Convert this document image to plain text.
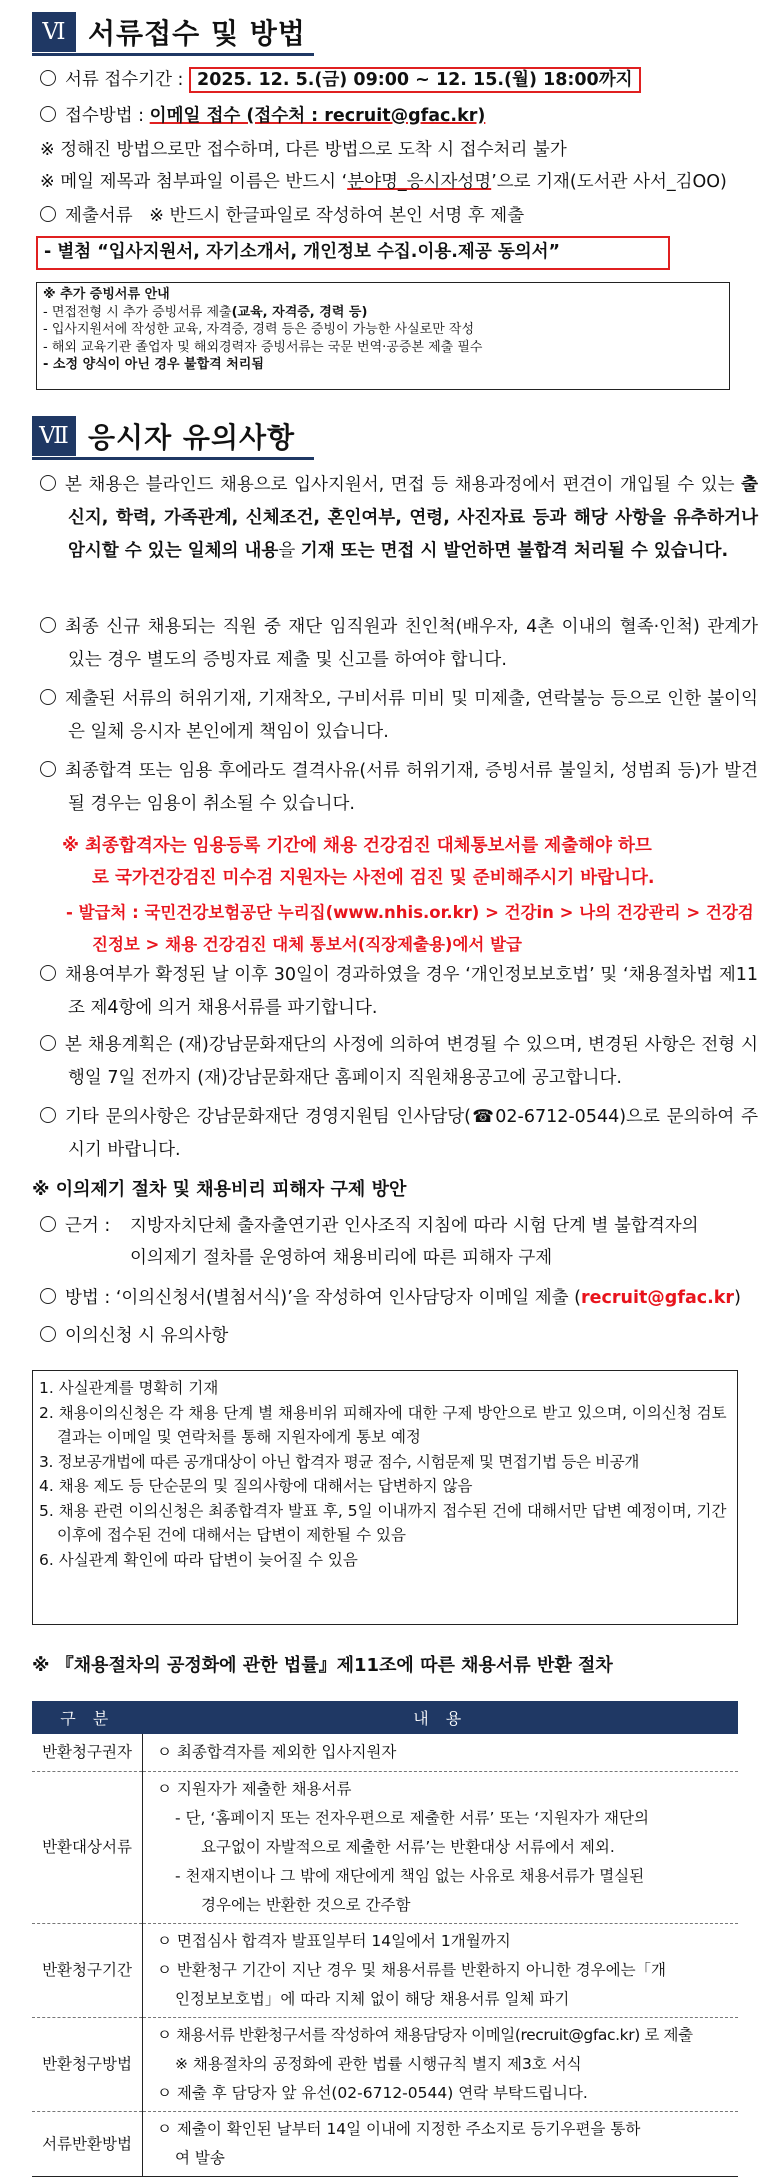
Ⅵ 서류접수 및 방법
서류 접수기간 : 2025. 12. 5.(금) 09:00 ~ 12. 15.(월) 18:00까지
접수방법 : 이메일 접수 (접수처 : recruit@gfac.kr)
※ 정해진 방법으로만 접수하며, 다른 방법으로 도착 시 접수처리 불가
※ 메일 제목과 첨부파일 이름은 반드시 ‘분야명_응시자성명’으로 기재(도서관 사서_김OO)
제출서류   ※ 반드시 한글파일로 작성하여 본인 서명 후 제출
- 별첨 “입사지원서, 자기소개서, 개인정보 수집.이용.제공 동의서”
※ 추가 증빙서류 안내
- 면접전형 시 추가 증빙서류 제출(교육, 자격증, 경력 등)
- 입사지원서에 작성한 교육, 자격증, 경력 등은 증빙이 가능한 사실로만 작성
- 해외 교육기관 졸업자 및 해외경력자 증빙서류는 국문 번역·공증본 제출 필수
- 소정 양식이 아닌 경우 불합격 처리됨
Ⅶ 응시자 유의사항
본 채용은 블라인드 채용으로 입사지원서, 면접 등 채용과정에서 편견이 개입될 수 있는 출신지, 학력, 가족관계, 신체조건, 혼인여부, 연령, 사진자료 등과 해당 사항을 유추하거나 암시할 수 있는 일체의 내용을 기재 또는 면접 시 발언하면 불합격 처리될 수 있습니다.
최종 신규 채용되는 직원 중 재단 임직원과 친인척(배우자, 4촌 이내의 혈족·인척) 관계가 있는 경우 별도의 증빙자료 제출 및 신고를 하여야 합니다.
제출된 서류의 허위기재, 기재착오, 구비서류 미비 및 미제출, 연락불능 등으로 인한 불이익은 일체 응시자 본인에게 책임이 있습니다.
최종합격 또는 임용 후에라도 결격사유(서류 허위기재, 증빙서류 불일치, 성범죄 등)가 발견될 경우는 임용이 취소될 수 있습니다.
※ 최종합격자는 임용등록 기간에 채용 건강검진 대체통보서를 제출해야 하므
로 국가건강검진 미수검 지원자는 사전에 검진 및 준비해주시기 바랍니다.
- 발급처 : 국민건강보험공단 누리집(www.nhis.or.kr) > 건강in > 나의 건강관리 > 건강검
진정보 > 채용 건강검진 대체 통보서(직장제출용)에서 발급
채용여부가 확정된 날 이후 30일이 경과하였을 경우 ‘개인정보보호법’ 및 ‘채용절차법 제11조 제4항에 의거 채용서류를 파기합니다.
본 채용계획은 (재)강남문화재단의 사정에 의하여 변경될 수 있으며, 변경된 사항은 전형 시행일 7일 전까지 (재)강남문화재단 홈페이지 직원채용공고에 공고합니다.
기타 문의사항은 강남문화재단 경영지원팀 인사담당(☎02-6712-0544)으로 문의하여 주시기 바랍니다.
※ 이의제기 절차 및 채용비리 피해자 구제 방안
근거 : 지방자치단체 출자출연기관 인사조직 지침에 따라 시험 단계 별 불합격자의
이의제기 절차를 운영하여 채용비리에 따른 피해자 구제
방법 : ‘이의신청서(별첨서식)’을 작성하여 인사담당자 이메일 제출 (recruit@gfac.kr)
이의신청 시 유의사항
1. 사실관계를 명확히 기재
2. 채용이의신청은 각 채용 단계 별 채용비위 피해자에 대한 구제 방안으로 받고 있으며, 이의신청 검토결과는 이메일 및 연락처를 통해 지원자에게 통보 예정
3. 정보공개법에 따른 공개대상이 아닌 합격자 평균 점수, 시험문제 및 면접기법 등은 비공개
4. 채용 제도 등 단순문의 및 질의사항에 대해서는 답변하지 않음
5. 채용 관련 이의신청은 최종합격자 발표 후, 5일 이내까지 접수된 건에 대해서만 답변 예정이며, 기간 이후에 접수된 건에 대해서는 답변이 제한될 수 있음
6. 사실관계 확인에 따라 답변이 늦어질 수 있음
※ 『채용절차의 공정화에 관한 법률』제11조에 따른 채용서류 반환 절차
구 분	내 용
반환청구권자	ㅇ 최종합격자를 제외한 입사지원자

반환대상서류	ㅇ 지원자가 제출한 채용서류
- 단, ‘홈페이지 또는 전자우편으로 제출한 서류’ 또는 ‘지원자가 재단의
요구없이 자발적으로 제출한 서류’는 반환대상 서류에서 제외.
- 천재지변이나 그 밖에 재단에게 책임 없는 사유로 채용서류가 멸실된
경우에는 반환한 것으로 간주함

반환청구기간	ㅇ 면접심사 합격자 발표일부터 14일에서 1개월까지
ㅇ 반환청구 기간이 지난 경우 및 채용서류를 반환하지 아니한 경우에는「개
인정보보호법」에 따라 지체 없이 해당 채용서류 일체 파기

반환청구방법	ㅇ 채용서류 반환청구서를 작성하여 채용담당자 이메일(recruit@gfac.kr) 로 제출
※ 채용절차의 공정화에 관한 법률 시행규칙 별지 제3호 서식
ㅇ 제출 후 담당자 앞 유선(02-6712-0544) 연락 부탁드립니다.

서류반환방법	ㅇ 제출이 확인된 날부터 14일 이내에 지정한 주소지로 등기우편을 통하
여 발송
